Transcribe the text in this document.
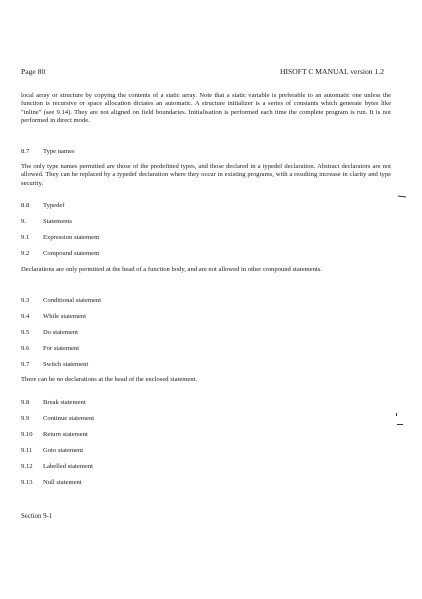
Page 80	HISOFT C MANUAL version 1.2

local array or structure by copying the contents of a static array. Note that a static variable is preferable to an automatic one unless the function is recursive or space allocation dictates an automatic. A structure initializer is a series of constants which generate bytes like "inline" (see 9.14). They are not aligned on field boundaries. Initialisation is performed each time the complete program is run. It is not performed in direct mode.

8.7 Type names

The only type names permitted are those of the predefined types, and those declared in a typedef declaration. Abstract declarators are not allowed. They can be replaced by a typedef declaration where they occur in existing programs, with a resulting increase in clarity and type security.

8.8 Typedef
9.	Statements
9.1 Expression statement
9.2 Compound statement

Declarations are only permitted at the head of a function body, and are not allowed in other compound statements.

9.3 Conditional statement
9.4 While statement
9.5 Do statement
9.6 For statement
9.7 Switch statement

There can be no declarations at the head of the enclosed statement.

9.8 Break statement
9.9 Continue statement
9.10 Return statement
9.11 Goto statement
9.12 Labelled statement
9.13 Null statement
Section 9-1
